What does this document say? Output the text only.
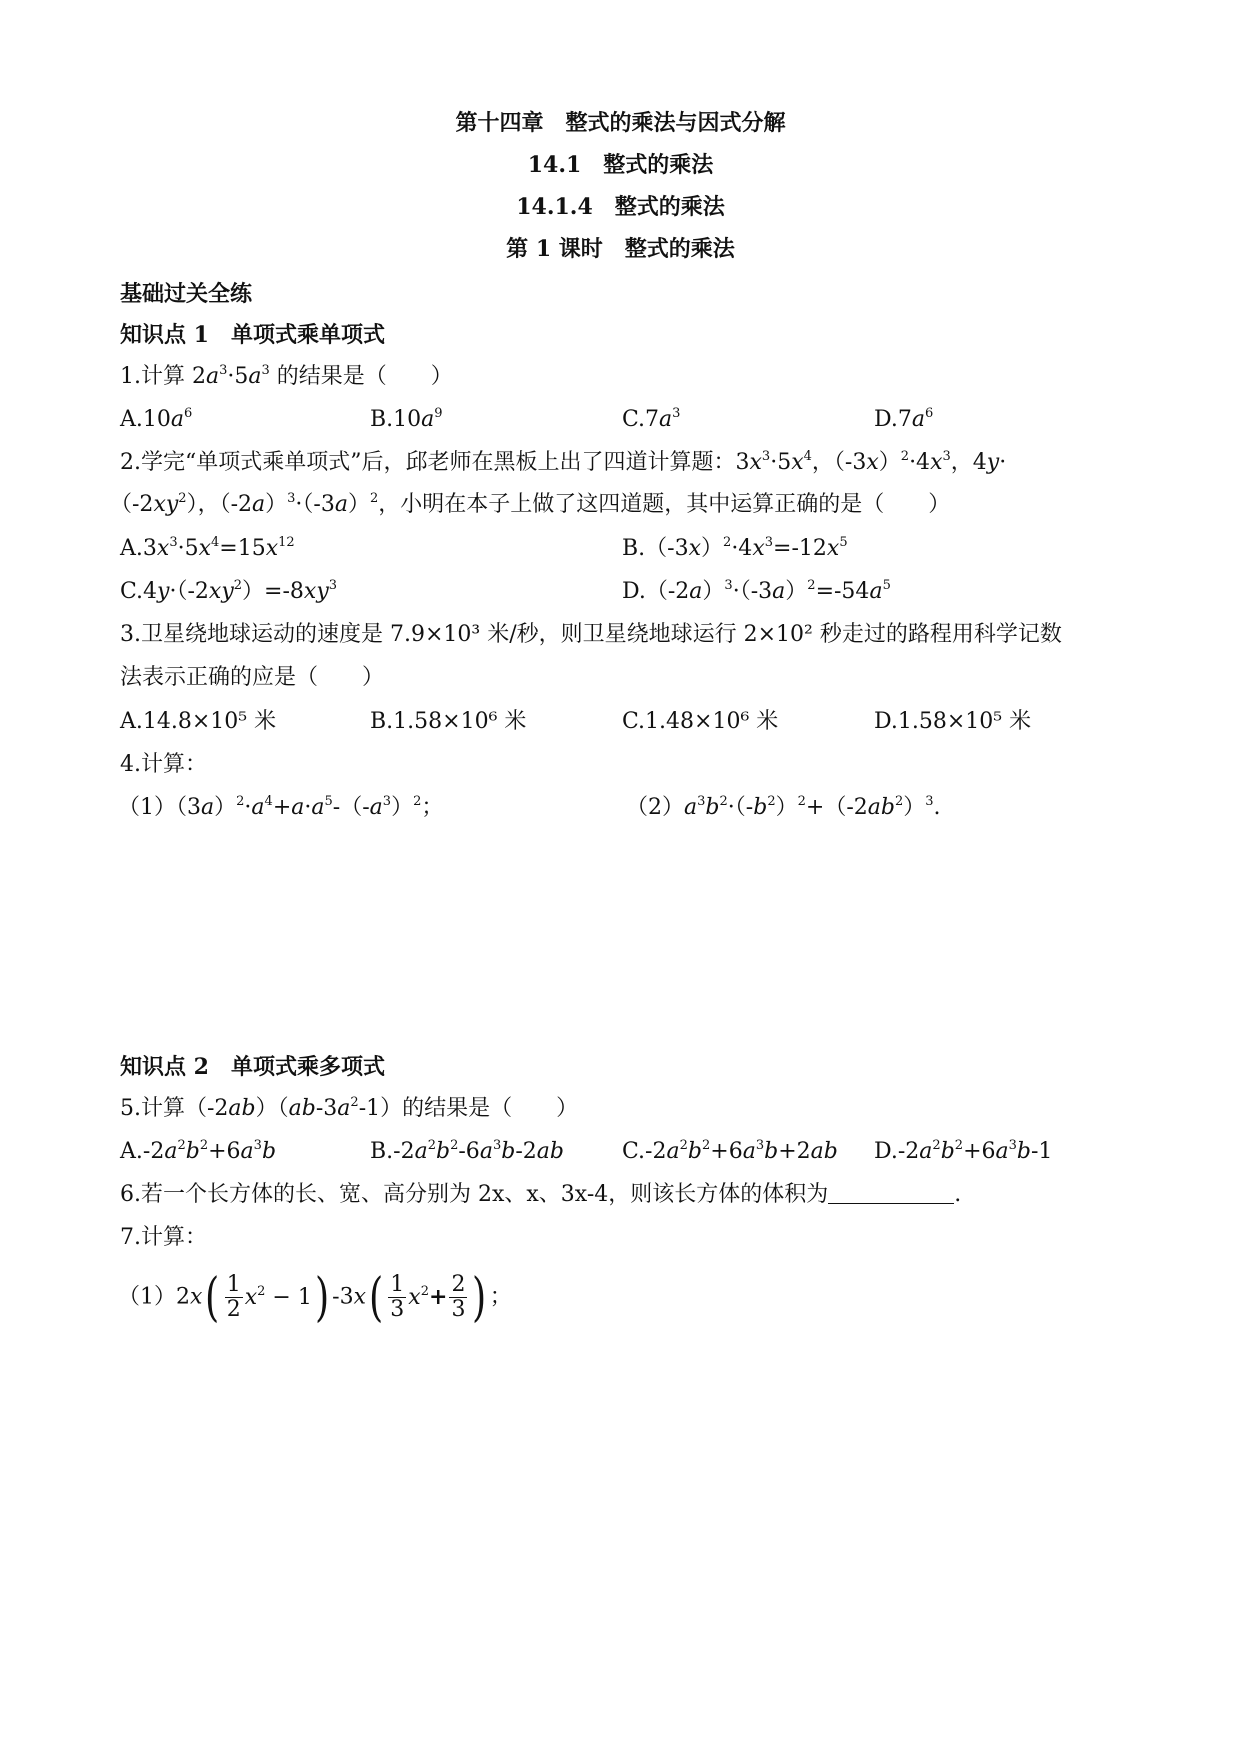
第十四章　整式的乘法与因式分解
14.1　整式的乘法
14.1.4　整式的乘法
第 1 课时　整式的乘法
基础过关全练
知识点 1　单项式乘单项式
1.计算 $2a^3\cdot 5a^3$ 的结果是（　　）
$A.10a^6$	$B.10a^9$	$C.7a^3$	$D.7a^6$
2.学完“单项式乘单项式”后，邱老师在黑板上出了四道计算题：$3x^3\cdot 5x^4$，$(-3x)^2\cdot 4x^3$，4y·
$(-2xy^2)$，$(-2a)^3\cdot(-3a)^2$，小明在本子上做了这四道题，其中运算正确的是（　　）
$A.3x^3\cdot 5x^4=15x^{12}$	$B.(-3x)^2\cdot 4x^3=-12x^5$
$C.4y\cdot(-2xy^2)=-8xy^3$	$D.(-2a)^3\cdot(-3a)^2=-54a^5$
3.卫星绕地球运动的速度是 7.9×10³ 米/秒，则卫星绕地球运行 2×10² 秒走过的路程用科学记数
法表示正确的应是（　　）
A.14.8×10⁵ 米	B.1.58×10⁶ 米	C.1.48×10⁶ 米	D.1.58×10⁵ 米
4.计算：
$(1)(3a)^2\cdot a^4+a\cdot a^5-(-a^3)^2$；	$(2)a^3b^2\cdot(-b^2)^2+(-2ab^2)^3$.
知识点 2　单项式乘多项式
5.计算$(-2ab)(ab-3a^2-1)$的结果是（　　）
$A.-2a^2b^2+6a^3b$	$B.-2a^2b^2-6a^3b-2ab$	$C.-2a^2b^2+6a^3b+2ab$ $D.-2a^2b^2+6a^3b-1$
6.若一个长方体的长、宽、高分别为 2x、x、3x-4，则该长方体的体积为	.
7.计算：
$(1)2x( \frac{1}{2} x^2 - 1)$ $-3x( \frac{1}{3} x^2+ \frac{2}{3}$ ) ；
